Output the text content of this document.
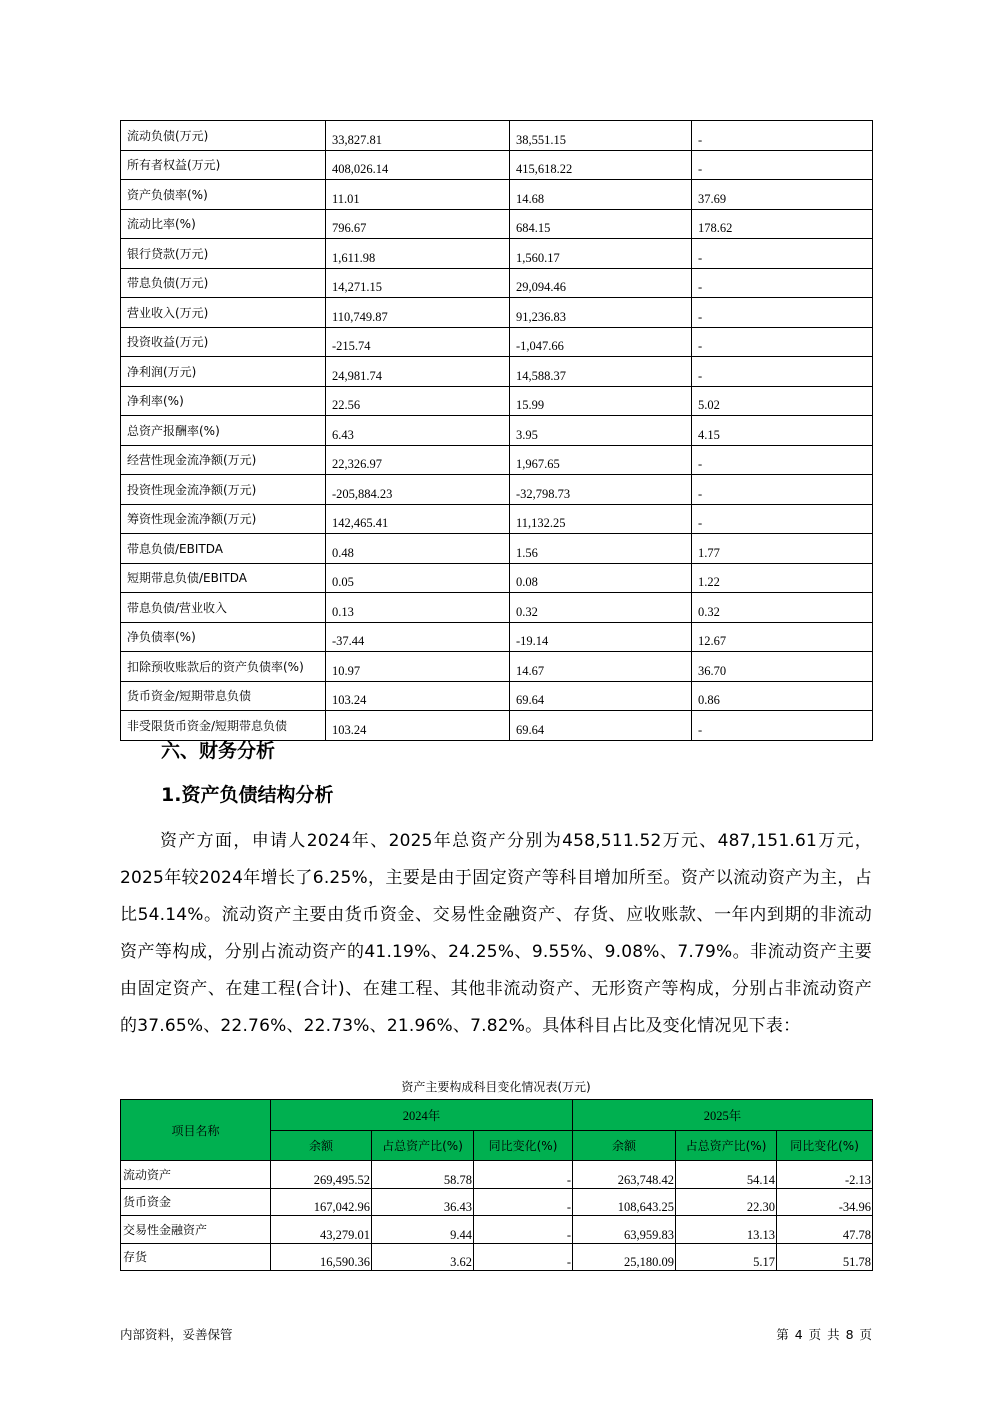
流动负债(万元)	33,827.81	38,551.15	-
所有者权益(万元)	408,026.14	415,618.22	-
资产负债率(%)	11.01	14.68	37.69
流动比率(%)	796.67	684.15	178.62
银行贷款(万元)	1,611.98	1,560.17	-
带息负债(万元)	14,271.15	29,094.46	-
营业收入(万元)	110,749.87	91,236.83	-
投资收益(万元)	-215.74	-1,047.66	-
净利润(万元)	24,981.74	14,588.37	-
净利率(%)	22.56	15.99	5.02
总资产报酬率(%)	6.43	3.95	4.15
经营性现金流净额(万元)	22,326.97	1,967.65	-
投资性现金流净额(万元)	-205,884.23	-32,798.73	-
筹资性现金流净额(万元)	142,465.41	11,132.25	-
带息负债/EBITDA	0.48	1.56	1.77
短期带息负债/EBITDA	0.05	0.08	1.22
带息负债/营业收入	0.13	0.32	0.32
净负债率(%)	-37.44	-19.14	12.67
扣除预收账款后的资产负债率(%)	10.97	14.67	36.70
货币资金/短期带息负债	103.24	69.64	0.86
非受限货币资金/短期带息负债	103.24	69.64	-
六、财务分析
1.资产负债结构分析
资产方面，申请人2024年、2025年总资产分别为458,511.52万元、487,151.61万元，2025年较2024年增长了6.25%，主要是由于固定资产等科目增加所至。资产以流动资产为主，占比54.14%。流动资产主要由货币资金、交易性金融资产、存货、应收账款、一年内到期的非流动资产等构成，分别占流动资产的41.19%、24.25%、9.55%、9.08%、7.79%。非流动资产主要由固定资产、在建工程(合计)、在建工程、其他非流动资产、无形资产等构成，分别占非流动资产的37.65%、22.76%、22.73%、21.96%、7.82%。具体科目占比及变化情况见下表：
资产主要构成科目变化情况表(万元)
项目名称	2024年			2025年		
	余额	占总资产比(%)	同比变化(%)	余额	占总资产比(%)	同比变化(%)
流动资产	269,495.52	58.78	-	263,748.42	54.14	-2.13
货币资金	167,042.96	36.43	-	108,643.25	22.30	-34.96
交易性金融资产	43,279.01	9.44	-	63,959.83	13.13	47.78
存货	16,590.36	3.62	-	25,180.09	5.17	51.78
内部资料，妥善保管	第 4 页 共 8 页
